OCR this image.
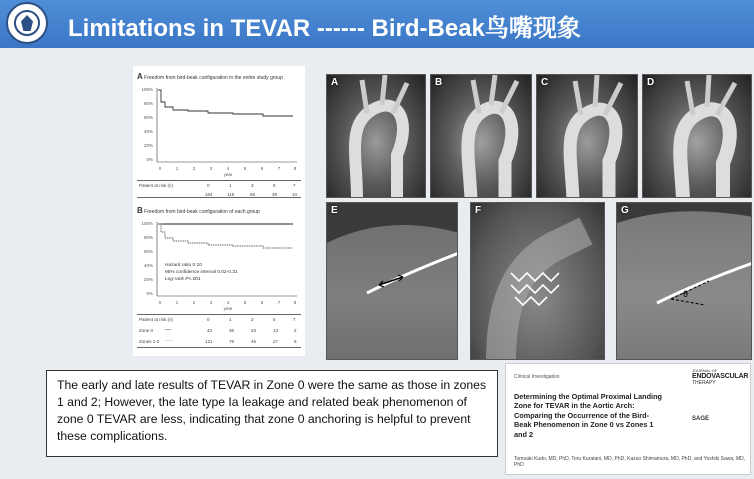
Limitations in TEVAR ------ Bird-Beak鸟嘴现象
A Freedom from bird-beak configuration in the entire study group
100%
80%
60%
40%
20%
0%
0	1	2	3	4	5	6	7	8
year
Patient at risk (n)	0	1	3	5	7
164	115	68	39	10
B Freedom from bird-beak configuration of each group
100%
80%
60%
40%
20%
0%
0	1	2	3	4	5	6	7	8
year
Hazard ratio 0.10
95% confidence interval 0.02-0.31
Log-rank P<.001
Patient at risk (n)	0	1	3	5	7
Zone 0 —	43	36	23	13	2
Zones 1-2 ····	121	78	46	27	8
A	B	C	D
E	F
θ
G

The early and late results of TEVAR in Zone 0 were the same as those in zones 1 and 2; However, the late type Ia leakage and related beak phenomenon of zone 0 TEVAR are less, indicating that zone 0 anchoring is helpful to prevent these complications.

Clinical Investigation
JOURNAL OF
ENDOVASCULAR
THERAPY
SAGE
Determining the Optimal Proximal Landing Zone for TEVAR in the Aortic Arch: Comparing the Occurrence of the Bird-Beak Phenomenon in Zone 0 vs Zones 1 and 2
Tomoaki Kudo, MD, PhD, Toru Kuratani, MD, PhD, Kazuo Shimamura, MD, PhD, and Yoshiki Sawa, MD, PhD
